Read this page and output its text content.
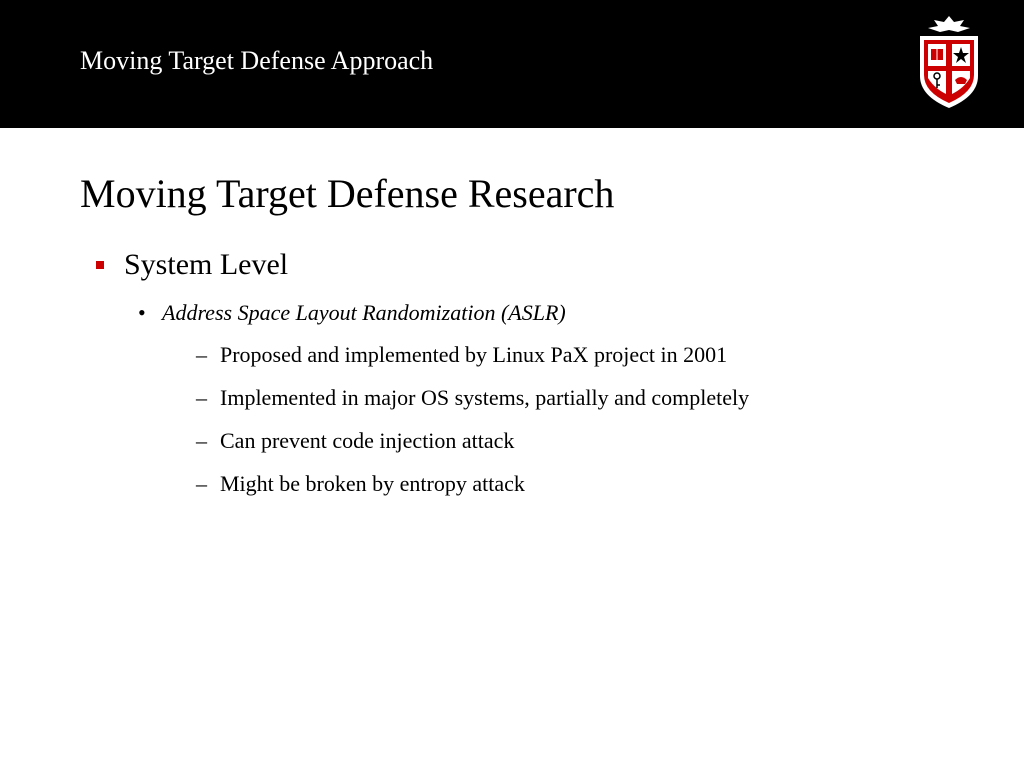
Moving Target Defense Approach
Moving Target Defense Research
System Level
• Address Space Layout Randomization (ASLR)
– Proposed and implemented by Linux PaX project in 2001
– Implemented in major OS systems, partially and completely
– Can prevent code injection attack
– Might be broken by entropy attack
